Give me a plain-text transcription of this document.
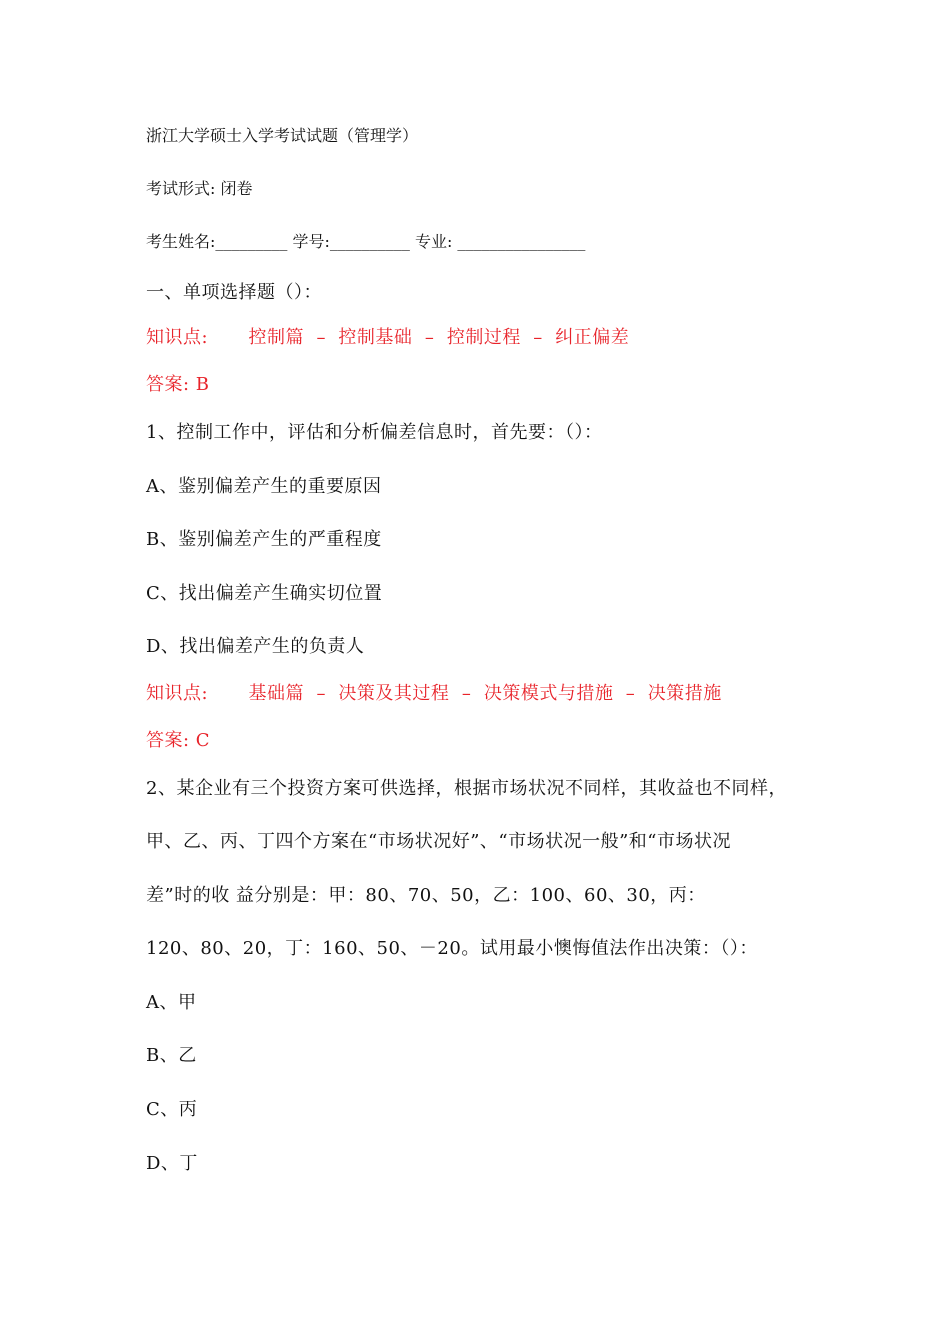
浙江大学硕士入学考试试题（管理学）
考试形式: 闭卷
考生姓名:_________ 学号:__________ 专业: ________________
一、单项选择题（）：
知识点: 控制篇  –  控制基础  –  控制过程  –  纠正偏差
答案: B
1、控制工作中，评估和分析偏差信息时，首先要：（）：
A、鉴别偏差产生的重要原因
B、鉴别偏差产生的严重程度
C、找出偏差产生确实切位置
D、找出偏差产生的负责人
知识点: 基础篇  –  决策及其过程  –  决策模式与措施  –  决策措施
答案: C
2、某企业有三个投资方案可供选择，根据市场状况不同样，其收益也不同样，
甲、乙、丙、丁四个方案在“市场状况好”、“市场状况一般”和“市场状况
差”时的收 益分别是：甲：80、70、50，乙：100、60、30，丙：
120、80、20，丁：160、50、－20。试用最小懊悔值法作出决策：（）：
A、甲
B、乙
C、丙
D、丁
